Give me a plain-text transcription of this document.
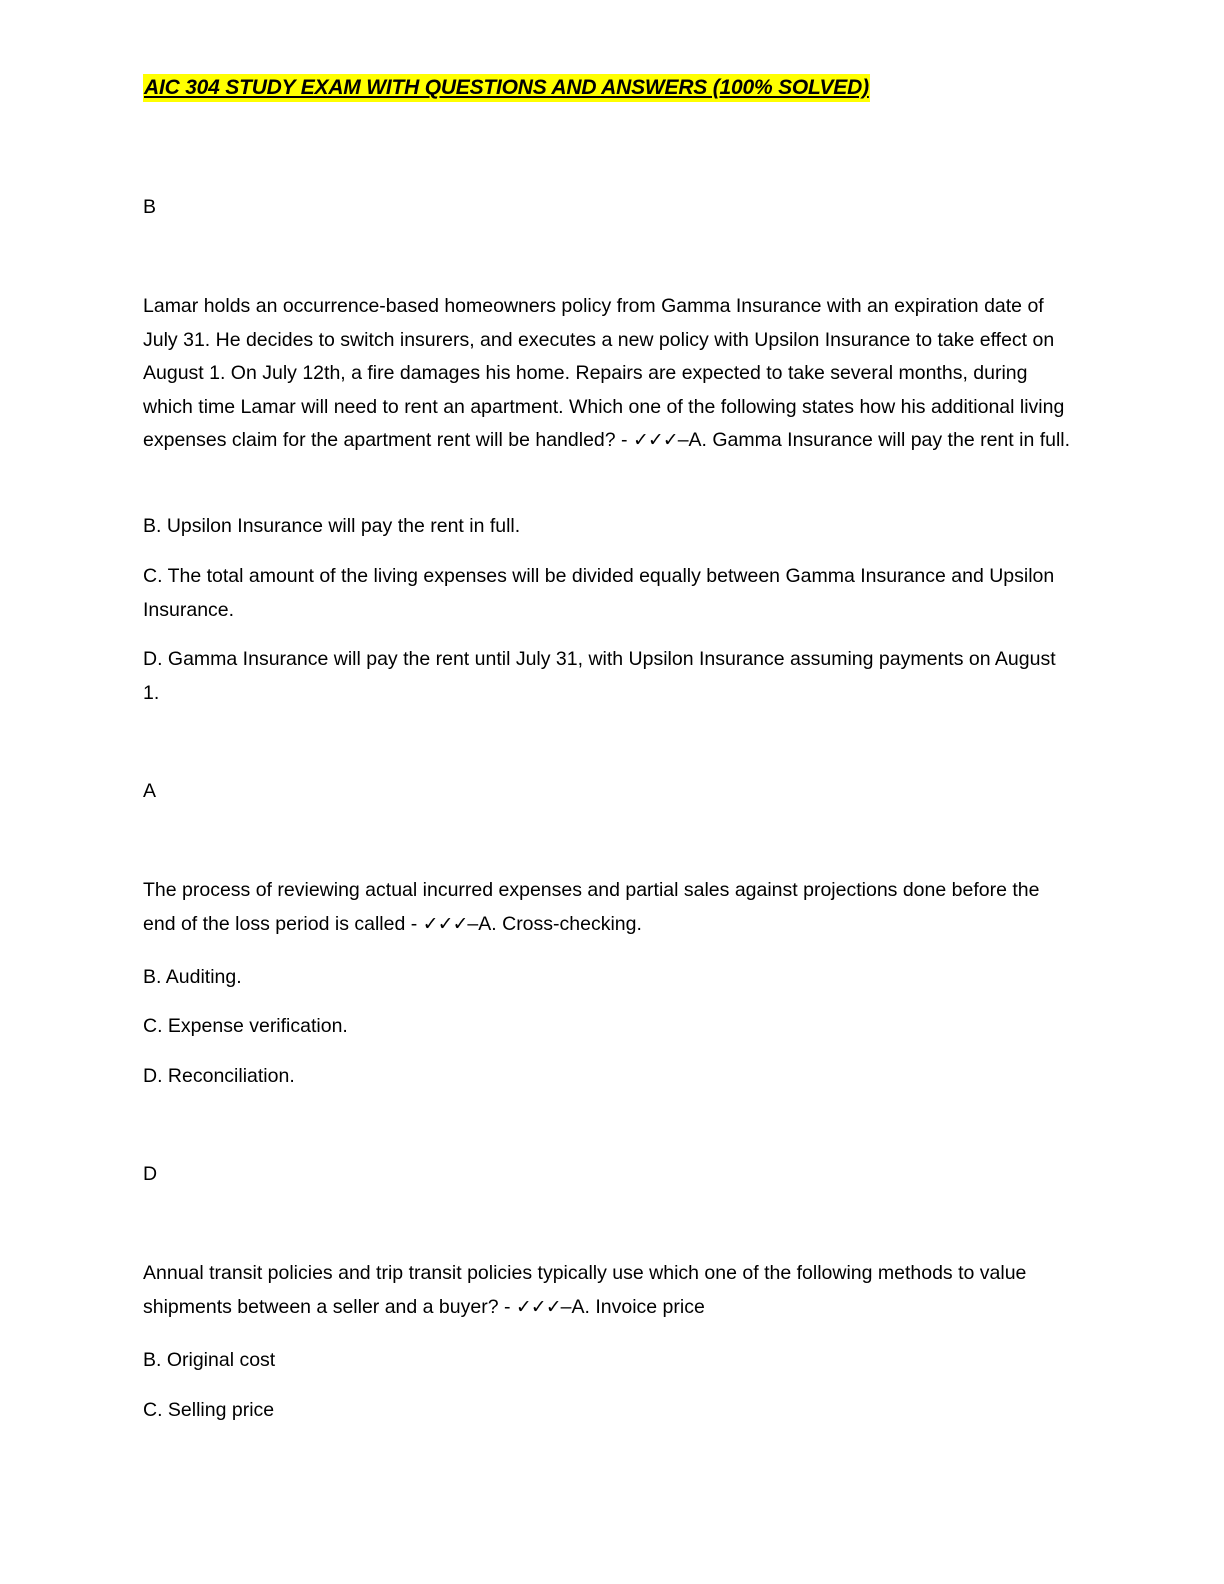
AIC 304 STUDY EXAM WITH QUESTIONS AND ANSWERS (100% SOLVED)

B

Lamar holds an occurrence-based homeowners policy from Gamma Insurance with an expiration date of July 31. He decides to switch insurers, and executes a new policy with Upsilon Insurance to take effect on August 1. On July 12th, a fire damages his home. Repairs are expected to take several months, during which time Lamar will need to rent an apartment. Which one of the following states how his additional living expenses claim for the apartment rent will be handled? - ✓✓✓–A. Gamma Insurance will pay the rent in full.

B. Upsilon Insurance will pay the rent in full.

C. The total amount of the living expenses will be divided equally between Gamma Insurance and Upsilon Insurance.

D. Gamma Insurance will pay the rent until July 31, with Upsilon Insurance assuming payments on August 1.

A

The process of reviewing actual incurred expenses and partial sales against projections done before the end of the loss period is called - ✓✓✓–A. Cross-checking.

B. Auditing.

C. Expense verification.

D. Reconciliation.

D

Annual transit policies and trip transit policies typically use which one of the following methods to value shipments between a seller and a buyer? - ✓✓✓–A. Invoice price

B. Original cost

C. Selling price
